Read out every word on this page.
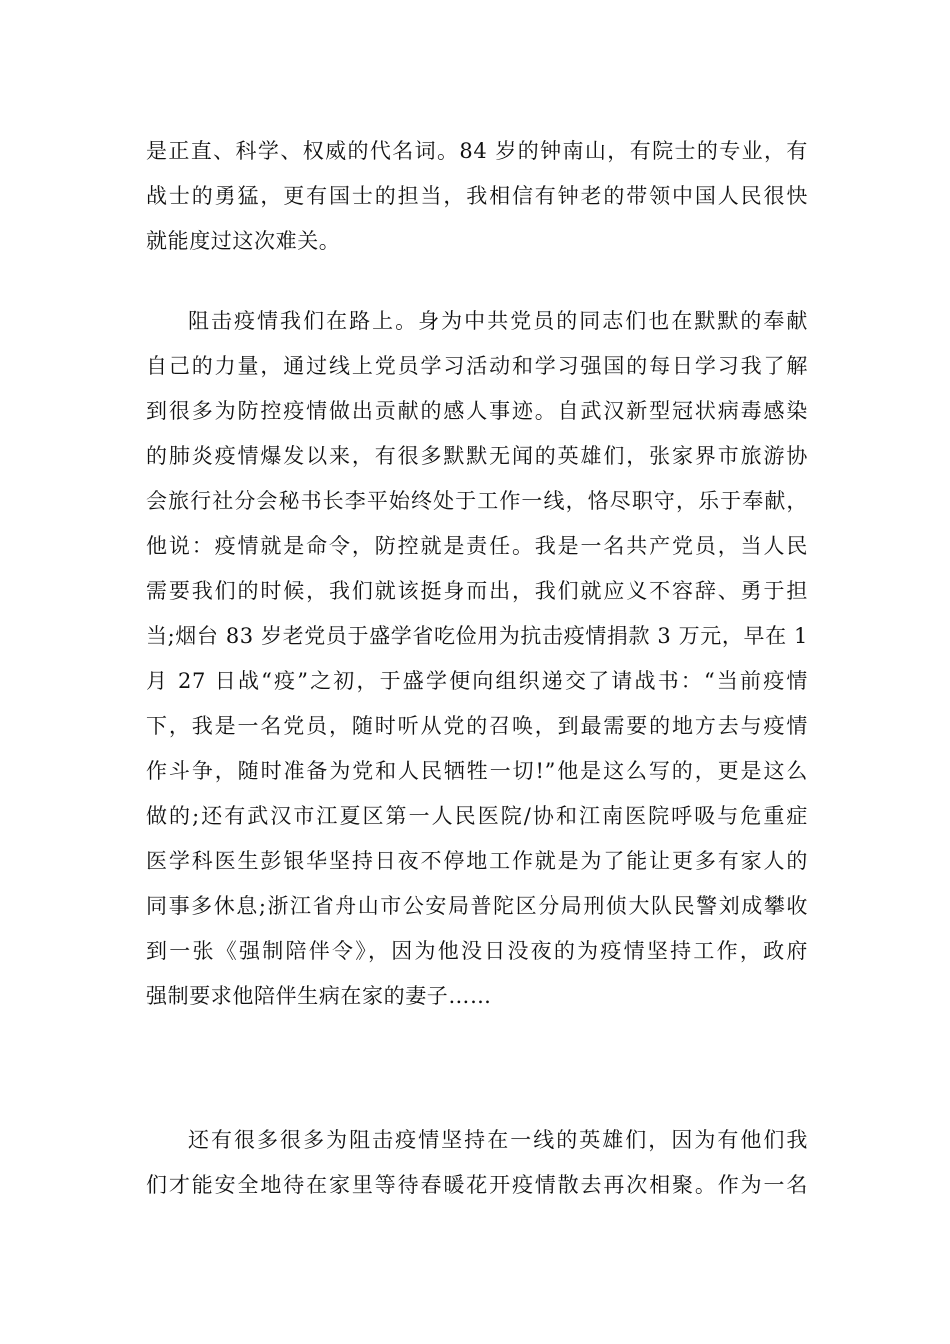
是正直、科学、权威的代名词。84 岁的钟南山，有院士的专业，有
战士的勇猛，更有国士的担当，我相信有钟老的带领中国人民很快
就能度过这次难关。
阻击疫情我们在路上。身为中共党员的同志们也在默默的奉献
自己的力量，通过线上党员学习活动和学习强国的每日学习我了解
到很多为防控疫情做出贡献的感人事迹。自武汉新型冠状病毒感染
的肺炎疫情爆发以来，有很多默默无闻的英雄们，张家界市旅游协
会旅行社分会秘书长李平始终处于工作一线，恪尽职守，乐于奉献，
他说：疫情就是命令，防控就是责任。我是一名共产党员，当人民
需要我们的时候，我们就该挺身而出，我们就应义不容辞、勇于担
当;烟台 83 岁老党员于盛学省吃俭用为抗击疫情捐款 3 万元，早在 1
月 27 日战“疫”之初，于盛学便向组织递交了请战书：“当前疫情
下，我是一名党员，随时听从党的召唤，到最需要的地方去与疫情
作斗争，随时准备为党和人民牺牲一切!”他是这么写的，更是这么
做的;还有武汉市江夏区第一人民医院/协和江南医院呼吸与危重症
医学科医生彭银华坚持日夜不停地工作就是为了能让更多有家人的
同事多休息;浙江省舟山市公安局普陀区分局刑侦大队民警刘成攀收
到一张《强制陪伴令》，因为他没日没夜的为疫情坚持工作，政府
强制要求他陪伴生病在家的妻子……
还有很多很多为阻击疫情坚持在一线的英雄们，因为有他们我
们才能安全地待在家里等待春暖花开疫情散去再次相聚。作为一名
